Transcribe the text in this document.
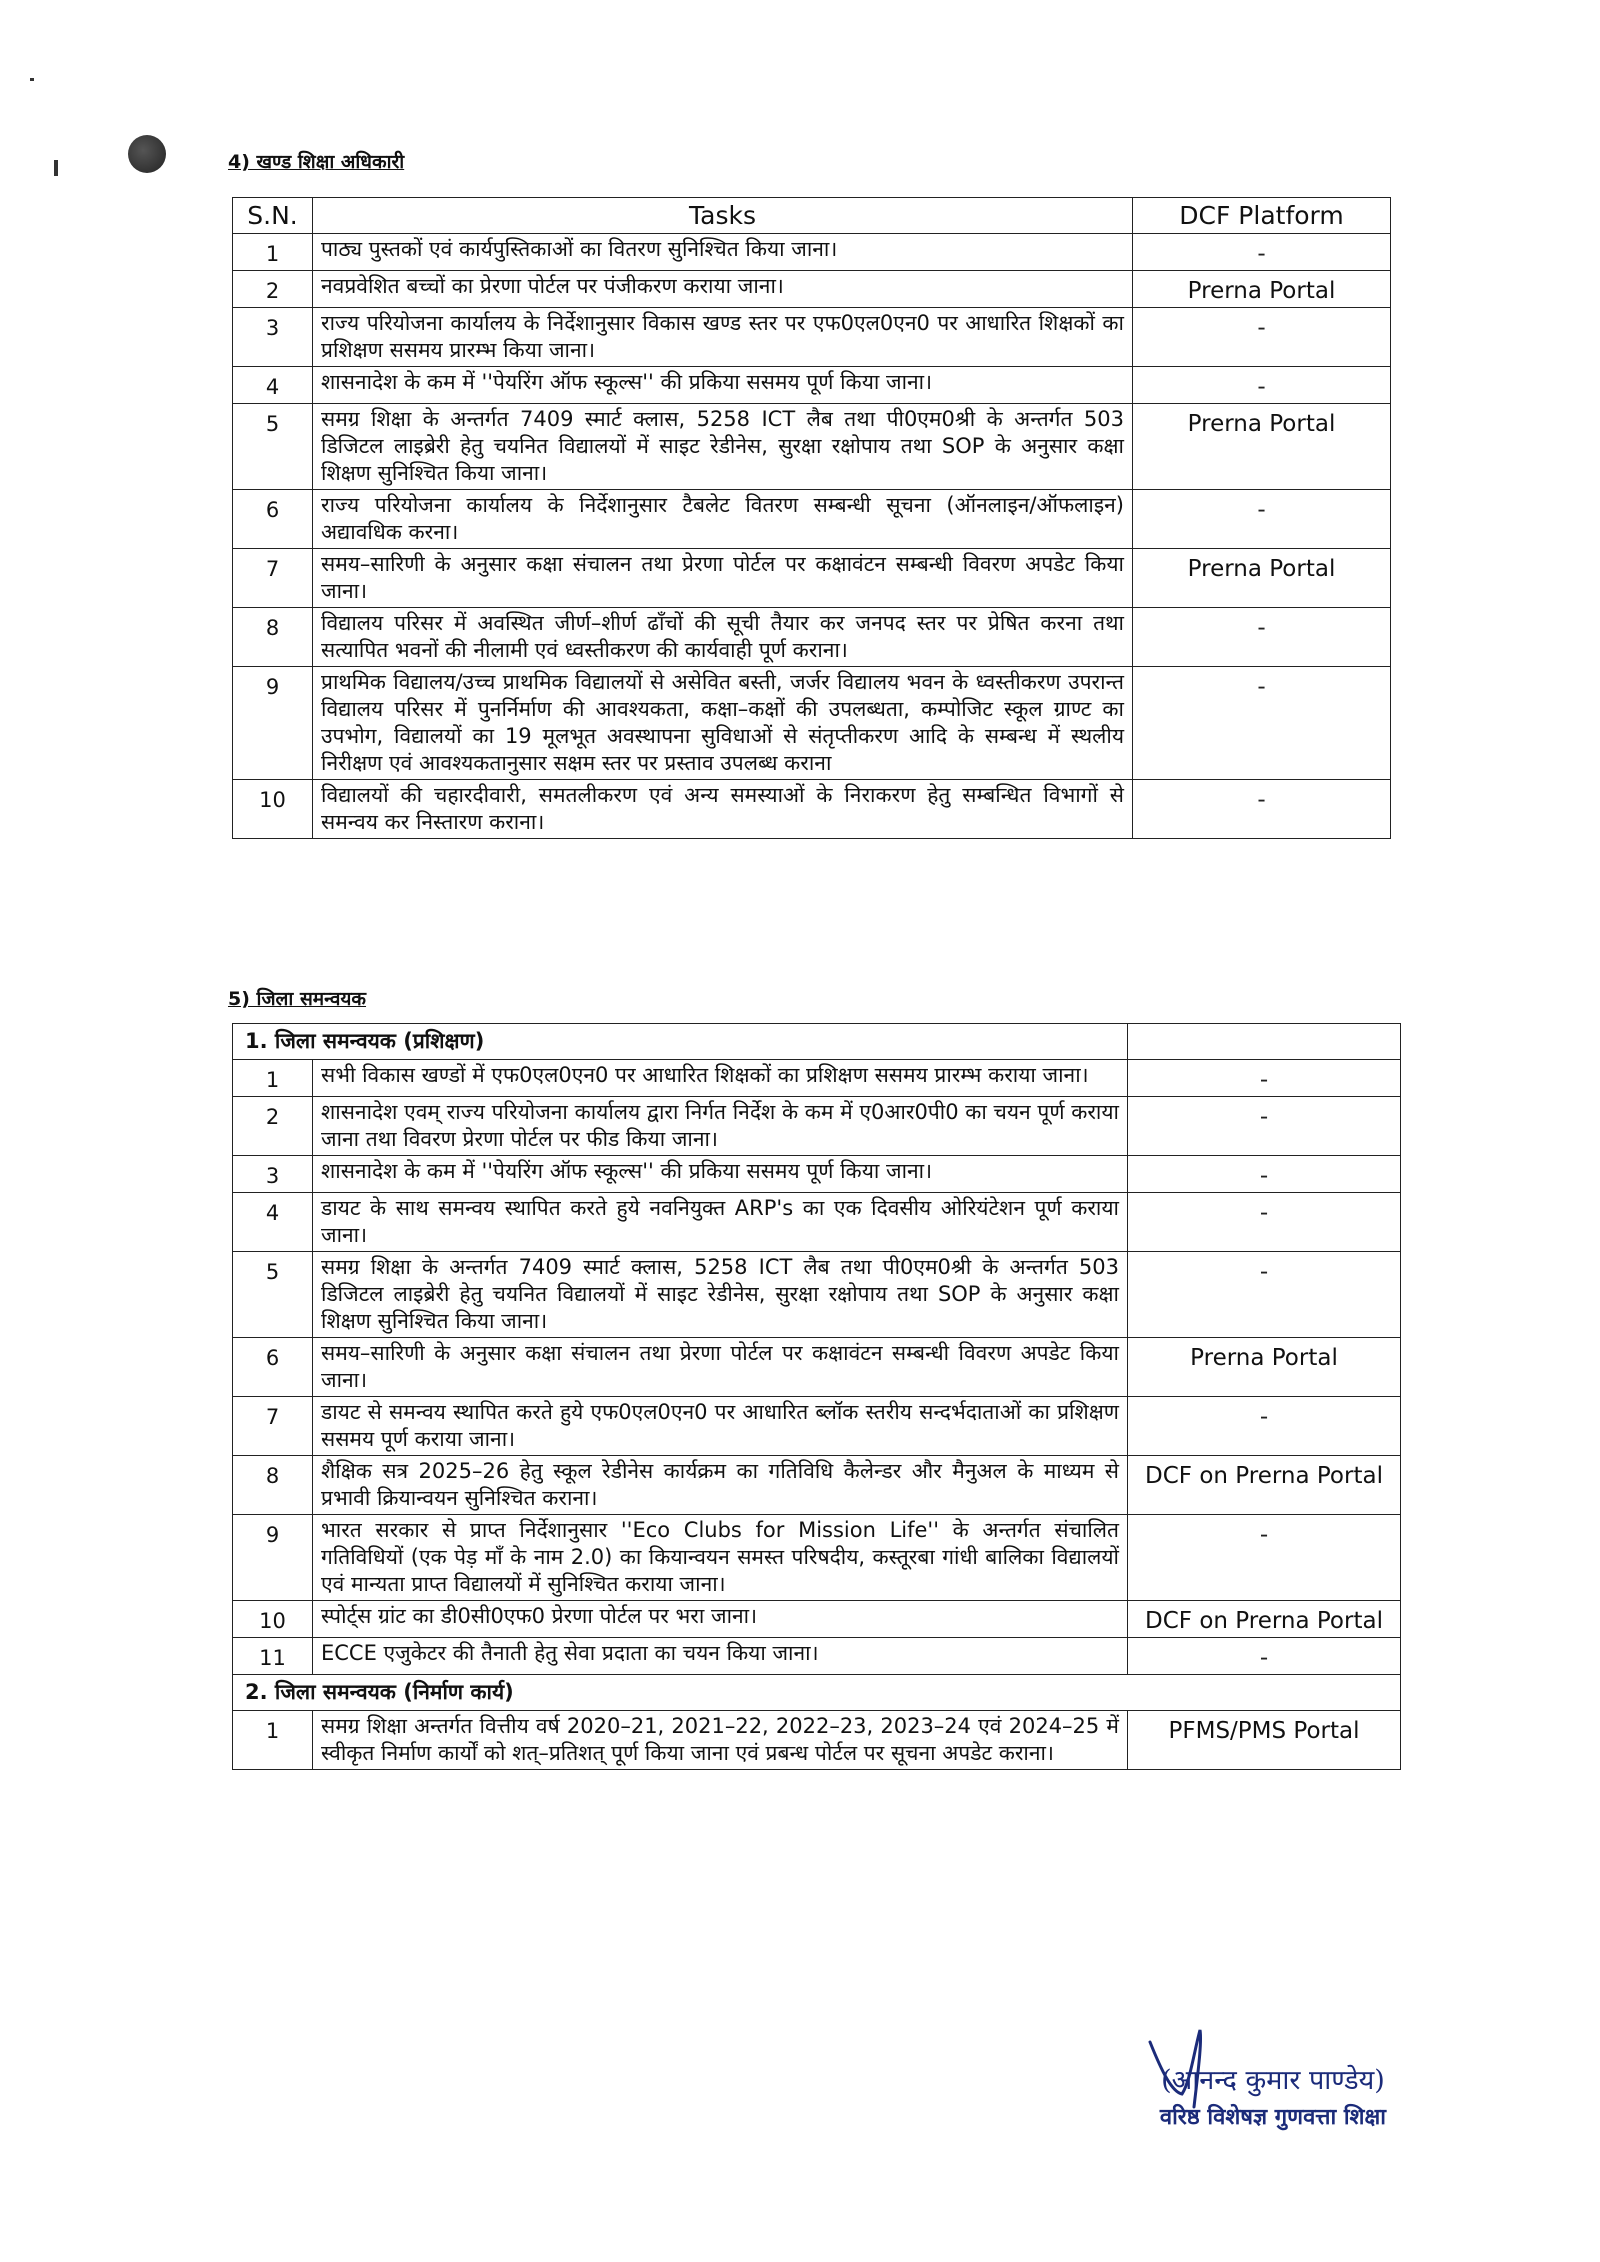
4) खण्ड शिक्षा अधिकारी
S.N.	Tasks	DCF Platform
1	पाठ्य पुस्तकों एवं कार्यपुस्तिकाओं का वितरण सुनिश्चित किया जाना।	-
2	नवप्रवेशित बच्चों का प्रेरणा पोर्टल पर पंजीकरण कराया जाना।	Prerna Portal
3	राज्य परियोजना कार्यालय के निर्देशानुसार विकास खण्ड स्तर पर एफ0एल0एन0 पर आधारित शिक्षकों का प्रशिक्षण ससमय प्रारम्भ किया जाना।	-
4	शासनादेश के कम में ''पेयरिंग ऑफ स्कूल्स'' की प्रकिया ससमय पूर्ण किया जाना।	-
5	समग्र शिक्षा के अन्तर्गत 7409 स्मार्ट क्लास, 5258 ICT लैब तथा पी0एम0श्री के अन्तर्गत 503 डिजिटल लाइब्रेरी हेतु चयनित विद्यालयों में साइट रेडीनेस, सुरक्षा रक्षोपाय तथा SOP के अनुसार कक्षा शिक्षण सुनिश्चित किया जाना।	Prerna Portal
6	राज्य परियोजना कार्यालय के निर्देशानुसार टैबलेट वितरण सम्बन्धी सूचना (ऑनलाइन/ऑफलाइन) अद्यावधिक करना।	-
7	समय–सारिणी के अनुसार कक्षा संचालन तथा प्रेरणा पोर्टल पर कक्षावंटन सम्बन्धी विवरण अपडेट किया जाना।	Prerna Portal
8	विद्यालय परिसर में अवस्थित जीर्ण–शीर्ण ढाँचों की सूची तैयार कर जनपद स्तर पर प्रेषित करना तथा सत्यापित भवनों की नीलामी एवं ध्वस्तीकरण की कार्यवाही पूर्ण कराना।	-
9	प्राथमिक विद्यालय/उच्च प्राथमिक विद्यालयों से असेवित बस्ती, जर्जर विद्यालय भवन के ध्वस्तीकरण उपरान्त विद्यालय परिसर में पुनर्निर्माण की आवश्यकता, कक्षा–कक्षों की उपलब्धता, कम्पोजिट स्कूल ग्राण्ट का उपभोग, विद्यालयों का 19 मूलभूत अवस्थापना सुविधाओं से संतृप्तीकरण आदि के सम्बन्ध में स्थलीय निरीक्षण एवं आवश्यकतानुसार सक्षम स्तर पर प्रस्ताव उपलब्ध कराना	-
10	विद्यालयों की चहारदीवारी, समतलीकरण एवं अन्य समस्याओं के निराकरण हेतु सम्बन्धित विभागों से समन्वय कर निस्तारण कराना।	-
5) जिला समन्वयक
1. जिला समन्वयक (प्रशिक्षण)		
1	सभी विकास खण्डों में एफ0एल0एन0 पर आधारित शिक्षकों का प्रशिक्षण ससमय प्रारम्भ कराया जाना।	-
2	शासनादेश एवम् राज्य परियोजना कार्यालय द्वारा निर्गत निर्देश के कम में ए0आर0पी0 का चयन पूर्ण कराया जाना तथा विवरण प्रेरणा पोर्टल पर फीड किया जाना।	-
3	शासनादेश के कम में ''पेयरिंग ऑफ स्कूल्स'' की प्रकिया ससमय पूर्ण किया जाना।	-
4	डायट के साथ समन्वय स्थापित करते हुये नवनियुक्त ARP's का एक दिवसीय ओरियंटेशन पूर्ण कराया जाना।	-
5	समग्र शिक्षा के अन्तर्गत 7409 स्मार्ट क्लास, 5258 ICT लैब तथा पी0एम0श्री के अन्तर्गत 503 डिजिटल लाइब्रेरी हेतु चयनित विद्यालयों में साइट रेडीनेस, सुरक्षा रक्षोपाय तथा SOP के अनुसार कक्षा शिक्षण सुनिश्चित किया जाना।	-
6	समय–सारिणी के अनुसार कक्षा संचालन तथा प्रेरणा पोर्टल पर कक्षावंटन सम्बन्धी विवरण अपडेट किया जाना।	Prerna Portal
7	डायट से समन्वय स्थापित करते हुये एफ0एल0एन0 पर आधारित ब्लॉक स्तरीय सन्दर्भदाताओं का प्रशिक्षण ससमय पूर्ण कराया जाना।	-
8	शैक्षिक सत्र 2025–26 हेतु स्कूल रेडीनेस कार्यक्रम का गतिविधि कैलेन्डर और मैनुअल के माध्यम से प्रभावी क्रियान्वयन सुनिश्चित कराना।	DCF on Prerna Portal
9	भारत सरकार से प्राप्त निर्देशानुसार ''Eco Clubs for Mission Life'' के अन्तर्गत संचालित गतिविधियों (एक पेड़ माँ के नाम 2.0) का कियान्वयन समस्त परिषदीय, कस्तूरबा गांधी बालिका विद्यालयों एवं मान्यता प्राप्त विद्यालयों में सुनिश्चित कराया जाना।	-
10	स्पोर्ट्स ग्रांट का डी0सी0एफ0 प्रेरणा पोर्टल पर भरा जाना।	DCF on Prerna Portal
11	ECCE एजुकेटर की तैनाती हेतु सेवा प्रदाता का चयन किया जाना।	-
2. जिला समन्वयक (निर्माण कार्य)		
1	समग्र शिक्षा अन्तर्गत वित्तीय वर्ष 2020–21, 2021–22, 2022–23, 2023–24 एवं 2024–25 में स्वीकृत निर्माण कार्यों को शत्–प्रतिशत् पूर्ण किया जाना एवं प्रबन्ध पोर्टल पर सूचना अपडेट कराना।	PFMS/PMS Portal
(आनन्द कुमार पाण्डेय)
वरिष्ठ विशेषज्ञ गुणवत्ता शिक्षा
